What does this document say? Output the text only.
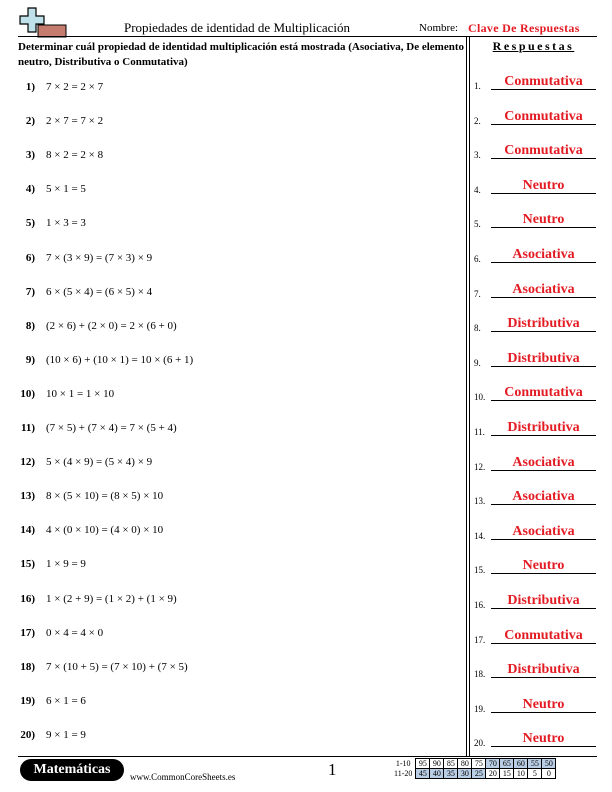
Propiedades de identidad de Multiplicación	Nombre: Clave De Respuestas
Determinar cuál propiedad de identidad multiplicación está mostrada (Asociativa, De elemento neutro, Distributiva o Conmutativa)
Respuestas
1) 7 × 2 = 2 × 7
2) 2 × 7 = 7 × 2
3) 8 × 2 = 2 × 8
4) 5 × 1 = 5
5) 1 × 3 = 3
6) 7 × (3 × 9) = (7 × 3) × 9
7) 6 × (5 × 4) = (6 × 5) × 4
8) (2 × 6) + (2 × 0) = 2 × (6 + 0)
9) (10 × 6) + (10 × 1) = 10 × (6 + 1)
10) 10 × 1 = 1 × 10
11) (7 × 5) + (7 × 4) = 7 × (5 + 4)
12) 5 × (4 × 9) = (5 × 4) × 9
13) 8 × (5 × 10) = (8 × 5) × 10
14) 4 × (0 × 10) = (4 × 0) × 10
15) 1 × 9 = 9
16) 1 × (2 + 9) = (1 × 2) + (1 × 9)
17) 0 × 4 = 4 × 0
18) 7 × (10 + 5) = (7 × 10) + (7 × 5)
19) 6 × 1 = 6
20) 9 × 1 = 9
1.	Conmutativa
2.	Conmutativa
3.	Conmutativa
4.	Neutro
5.	Neutro
6.	Asociativa
7.	Asociativa
8.	Distributiva
9.	Distributiva
10.	Conmutativa
11.	Distributiva
12.	Asociativa
13.	Asociativa
14.	Asociativa
15.	Neutro
16.	Distributiva
17.	Conmutativa
18.	Distributiva
19.	Neutro
20.	Neutro
Matemáticas	www.CommonCoreSheets.es	1	1-10	95	90	85	80	75	70	65	60	55	50
11-20	45	40	35	30	25	20	15	10	5	0
